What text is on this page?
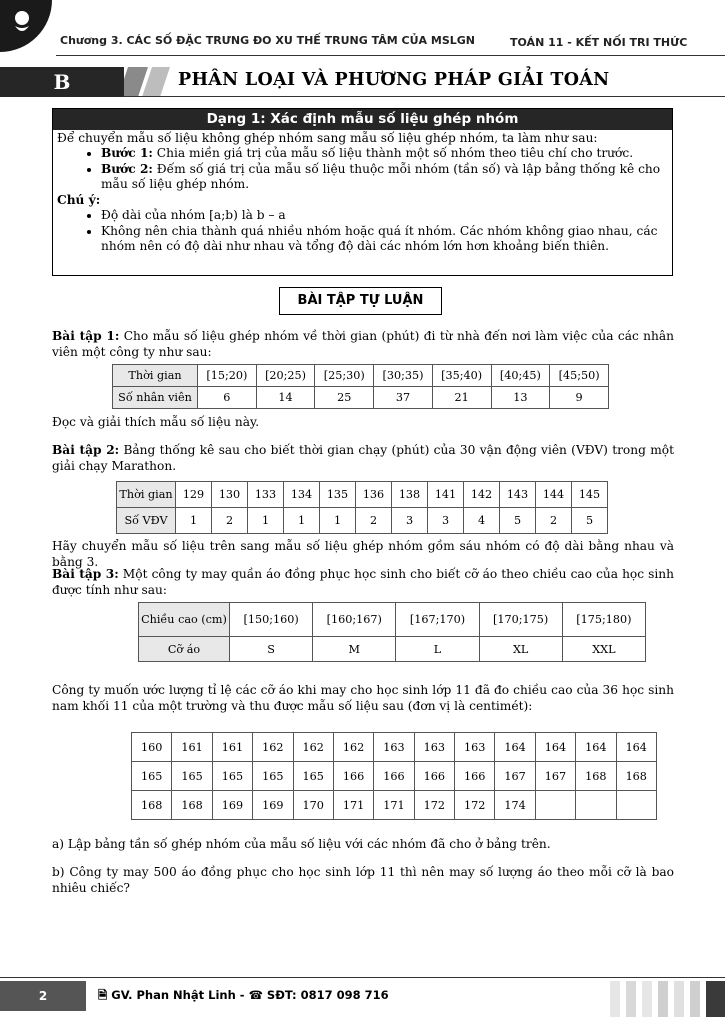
Chương 3. CÁC SỐ ĐẶC TRƯNG ĐO XU THẾ TRUNG TÂM CỦA MSLGN	TOÁN 11 - KẾT NỐI TRI THỨC
B	PHÂN LOẠI VÀ PHƯƠNG PHÁP GIẢI TOÁN
Dạng 1: Xác định mẫu số liệu ghép nhóm

Để chuyển mẫu số liệu không ghép nhóm sang mẫu số liệu ghép nhóm, ta làm như sau:

• Bước 1: Chia miền giá trị của mẫu số liệu thành một số nhóm theo tiêu chí cho trước.
• Bước 2: Đếm số giá trị của mẫu số liệu thuộc mỗi nhóm (tần số) và lập bảng thống kê cho mẫu số liệu ghép nhóm.

Chú ý:

• Độ dài của nhóm [a;b) là b – a
• Không nên chia thành quá nhiều nhóm hoặc quá ít nhóm. Các nhóm không giao nhau, các nhóm nên có độ dài như nhau và tổng độ dài các nhóm lớn hơn khoảng biến thiên.
BÀI TẬP TỰ LUẬN

Bài tập 1: Cho mẫu số liệu ghép nhóm về thời gian (phút) đi từ nhà đến nơi làm việc của các nhân viên một công ty như sau:

Thời gian	[15;20)	[20;25)	[25;30)	[30;35)	[35;40)	[40;45)	[45;50)
Số nhân viên	6	14	25	37	21	13	9

Đọc và giải thích mẫu số liệu này.

Bài tập 2: Bảng thống kê sau cho biết thời gian chạy (phút) của 30 vận động viên (VĐV) trong một giải chạy Marathon.

Thời gian	129	130	133	134	135	136	138	141	142	143	144	145
Số VĐV	1	2	1	1	1	2	3	3	4	5	2	5

Hãy chuyển mẫu số liệu trên sang mẫu số liệu ghép nhóm gồm sáu nhóm có độ dài bằng nhau và bằng 3.

Bài tập 3: Một công ty may quần áo đồng phục học sinh cho biết cỡ áo theo chiều cao của học sinh được tính như sau:

Chiều cao (cm)	[150;160)	[160;167)	[167;170)	[170;175)	[175;180)
Cỡ áo	S	M	L	XL	XXL

Công ty muốn ước lượng tỉ lệ các cỡ áo khi may cho học sinh lớp 11 đã đo chiều cao của 36 học sinh nam khối 11 của một trường và thu được mẫu số liệu sau (đơn vị là centimét):

160	161	161	162	162	162	163	163	163	164	164	164	164
165	165	165	165	165	166	166	166	166	167	167	168	168
168	168	169	169	170	171	171	172	172	174			

a) Lập bảng tần số ghép nhóm của mẫu số liệu với các nhóm đã cho ở bảng trên.

b) Công ty may 500 áo đồng phục cho học sinh lớp 11 thì nên may số lượng áo theo mỗi cỡ là bao nhiêu chiếc?

2	🗎 GV. Phan Nhật Linh - ☎ SĐT: 0817 098 716
